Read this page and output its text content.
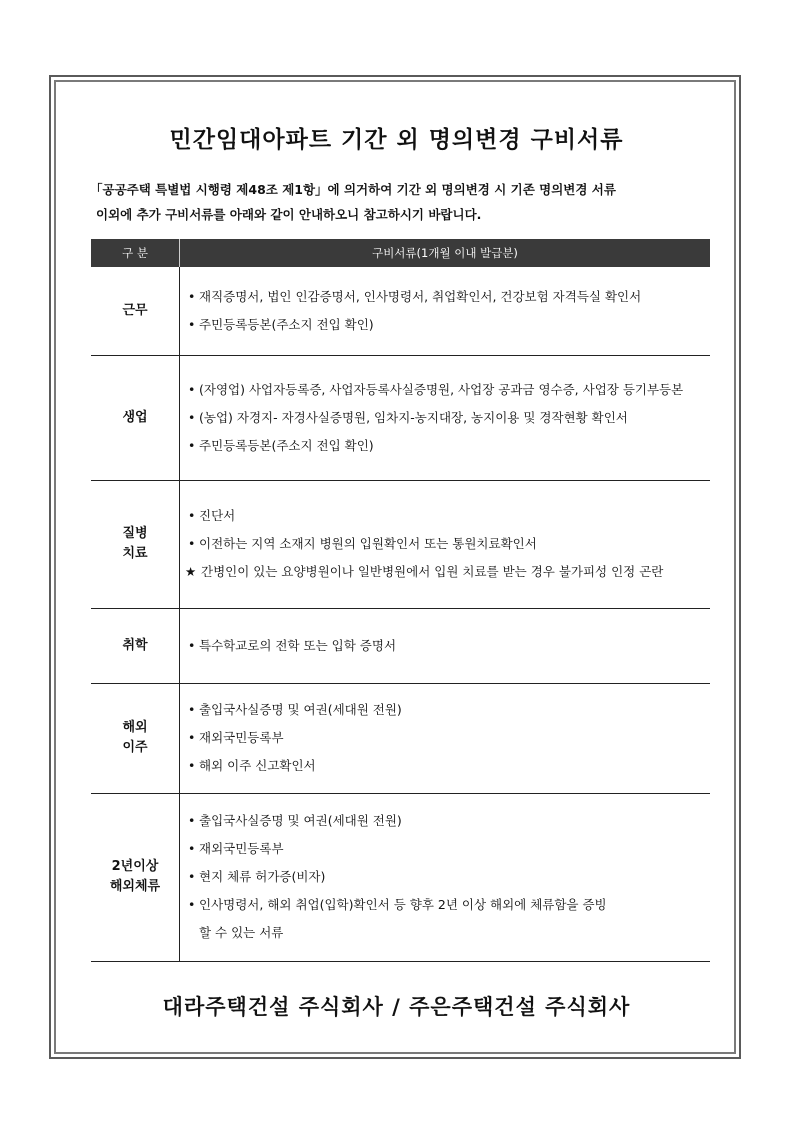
민간임대아파트 기간 외 명의변경 구비서류
「공공주택 특별법 시행령 제48조 제1항」에 의거하여 기간 외 명의변경 시 기존 명의변경 서류
이외에 추가 구비서류를 아래와 같이 안내하오니 참고하시기 바랍니다.
구 분	구비서류(1개월 이내 발급분)
근무	• 재직증명서, 법인 인감증명서, 인사명령서, 취업확인서, 건강보험 자격득실 확인서
• 주민등록등본(주소지 전입 확인)

생업	• (자영업) 사업자등록증, 사업자등록사실증명원, 사업장 공과금 영수증, 사업장 등기부등본
• (농업) 자경지- 자경사실증명원, 임차지-농지대장, 농지이용 및 경작현황 확인서
• 주민등록등본(주소지 전입 확인)

질병
치료	• 진단서
• 이전하는 지역 소재지 병원의 입원확인서 또는 통원치료확인서
★ 간병인이 있는 요양병원이나 일반병원에서 입원 치료를 받는 경우 불가피성 인정 곤란

취학	• 특수학교로의 전학 또는 입학 증명서

해외
이주	• 출입국사실증명 및 여권(세대원 전원)
• 재외국민등록부
• 해외 이주 신고확인서

2년이상
해외체류	• 출입국사실증명 및 여권(세대원 전원)
• 재외국민등록부
• 현지 체류 허가증(비자)
• 인사명령서, 해외 취업(입학)확인서 등 향후 2년 이상 해외에 체류함을 증빙
할 수 있는 서류
대라주택건설 주식회사 / 주은주택건설 주식회사
